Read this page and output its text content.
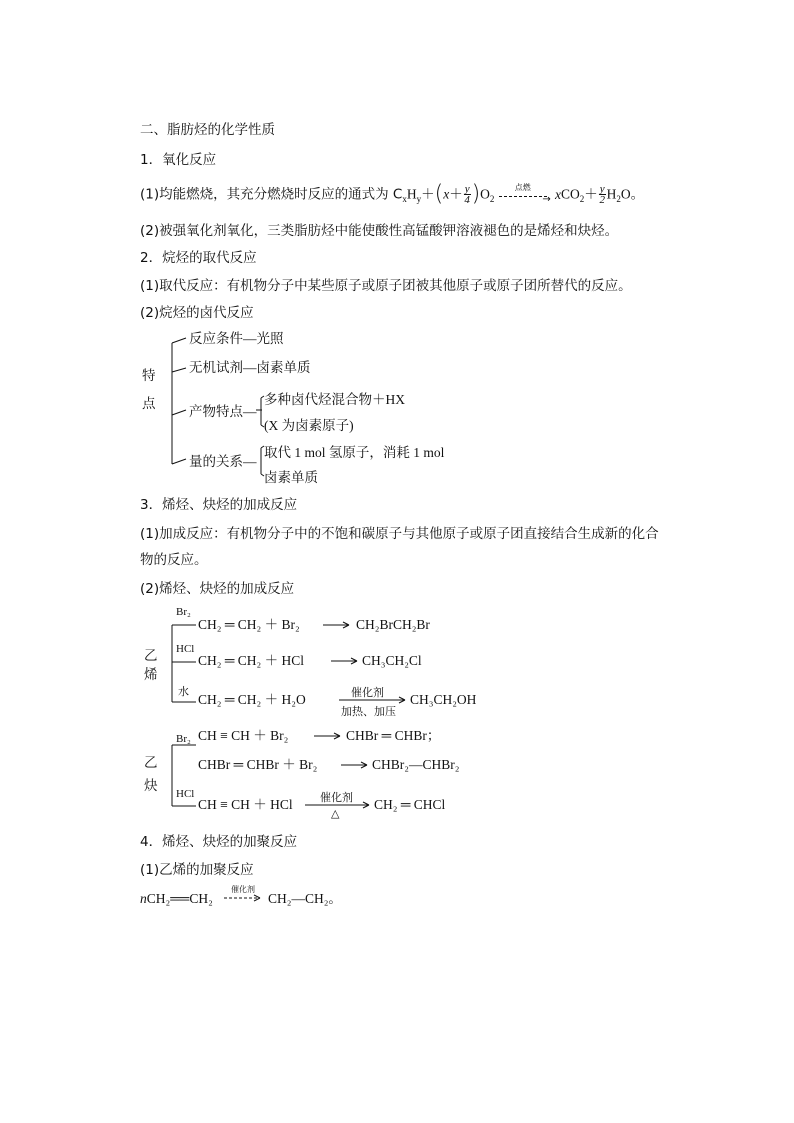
二、脂肪烃的化学性质
1．氧化反应
(1)均能燃烧，其充分燃烧时反应的通式为 $C_xH_y+(x+ \frac{y}{4} )O_2$
点燃
→ $xCO_2+ \frac{y}{2} H_2O$。
(2)被强氧化剂氧化，三类脂肪烃中能使酸性高锰酸钾溶液褪色的是烯烃和炔烃。
2．烷烃的取代反应
(1)取代反应：有机物分子中某些原子或原子团被其他原子或原子团所替代的反应。
(2)烷烃的卤代反应
特
点
反应条件—光照
无机试剂—卤素单质
产物特点—
多种卤代烃混合物＋HX
(X 为卤素原子)
量的关系—
取代 1 mol 氢原子，消耗 1 mol
卤素单质
3．烯烃、炔烃的加成反应
(1)加成反应：有机物分子中的不饱和碳原子与其他原子或原子团直接结合生成新的化合
物的反应。
(2)烯烃、炔烃的加成反应
乙
烯
Br₂
CH₂ ═ CH₂ ＋ Br₂	CH₂BrCH₂Br
HCl
CH₂ ═ CH₂ ＋ HCl	CH₃CH₂Cl
水
CH₂ ═ CH₂ ＋ H₂O	催化剂
加热、加压
CH₃CH₂OH
乙
炔
Br₂ CH ≡ CH ＋ Br₂	CHBr ═ CHBr；
CHBr ═ CHBr ＋ Br₂	CHBr₂—CHBr₂
HCl
CH ≡ CH ＋ HCl 催化剂
△
CH₂ ═ CHCl
4．烯烃、炔烃的加聚反应
(1)乙烯的加聚反应
nCH₂══CH₂
催化剂
CH₂—CH₂。
